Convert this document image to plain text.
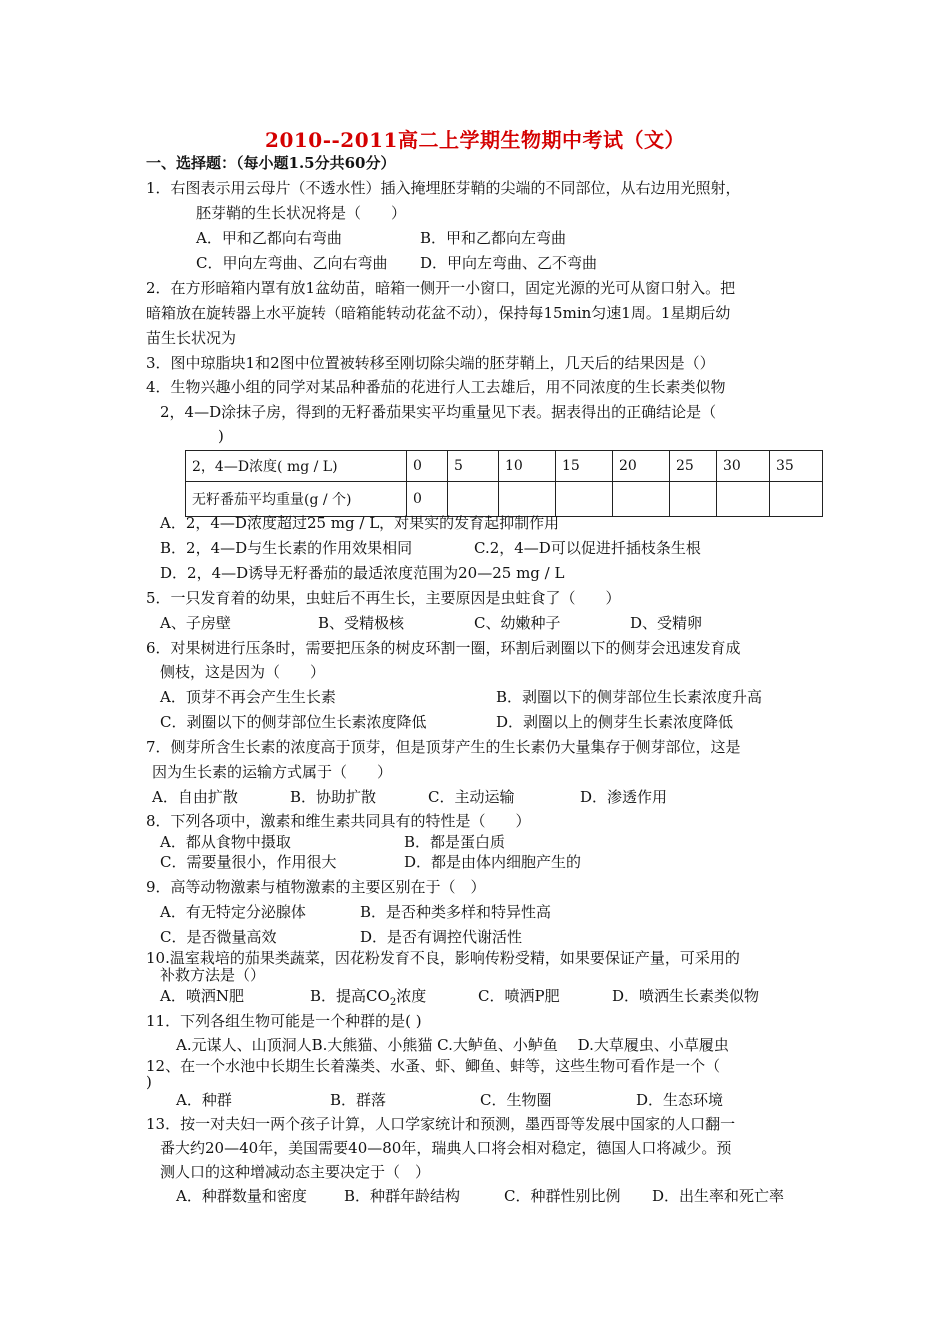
2010--2011高二上学期生物期中考试（文）
一、选择题：（每小题1.5分共60分）
1．右图表示用云母片（不透水性）插入掩埋胚芽鞘的尖端的不同部位，从右边用光照射，
胚芽鞘的生长状况将是（　　）
A．甲和乙都向右弯曲	B．甲和乙都向左弯曲
C．甲向左弯曲、乙向右弯曲 D．甲向左弯曲、乙不弯曲
2．在方形暗箱内罩有放1盆幼苗，暗箱一侧开一小窗口，固定光源的光可从窗口射入。把
暗箱放在旋转器上水平旋转（暗箱能转动花盆不动），保持每15min匀速1周。1星期后幼
苗生长状况为
3．图中琼脂块1和2图中位置被转移至刚切除尖端的胚芽鞘上，几天后的结果因是（）
4．生物兴趣小组的同学对某品种番茄的花进行人工去雄后，用不同浓度的生长素类似物
2，4—D涂抹子房，得到的无籽番茄果实平均重量见下表。据表得出的正确结论是（
)
2，4—D浓度( mg / L)	0	5	10	15	20	25	30	35
无籽番茄平均重量(g / 个)	0							
A．2，4—D浓度超过25 mg / L，对果实的发育起抑制作用
B．2，4—D与生长素的作用效果相同	C.2，4—D可以促进扦插枝条生根
D．2，4—D诱导无籽番茄的最适浓度范围为20—25 mg / L
5．一只发育着的幼果，虫蛀后不再生长，主要原因是虫蛀食了（　　）
A、子房壁	B、受精极核	C、幼嫩种子	D、受精卵
6．对果树进行压条时，需要把压条的树皮环割一圈，环割后剥圈以下的侧芽会迅速发育成
侧枝，这是因为（　　）
A．顶芽不再会产生生长素	B．剥圈以下的侧芽部位生长素浓度升高
C．剥圈以下的侧芽部位生长素浓度降低	D．剥圈以上的侧芽生长素浓度降低
7．侧芽所含生长素的浓度高于顶芽，但是顶芽产生的生长素仍大量集存于侧芽部位，这是
因为生长素的运输方式属于（　　）
A．自由扩散	B．协助扩散	C．主动运输	D．渗透作用
8．下列各项中，激素和维生素共同具有的特性是（　　）
A．都从食物中摄取	B．都是蛋白质
C．需要量很小，作用很大	D．都是由体内细胞产生的
9．高等动物激素与植物激素的主要区别在于（　）
A．有无特定分泌腺体	B．是否种类多样和特异性高
C．是否微量高效	D．是否有调控代谢活性
10.温室栽培的茄果类蔬菜，因花粉发育不良，影响传粉受精，如果要保证产量，可采用的
补救方法是（）
A．喷洒N肥	B．提高$CO_2$浓度	C．喷洒P肥	D．喷洒生长素类似物
11．下列各组生物可能是一个种群的是( )
A.元谋人、山顶洞人B.大熊猫、小熊猫 C.大鲈鱼、小鲈鱼　 D.大草履虫、小草履虫
12、在一个水池中长期生长着藻类、水蚤、虾、鲫鱼、蚌等，这些生物可看作是一个（
)
A．种群	B．群落	C．生物圈	D．生态环境
13．按一对夫妇一两个孩子计算，人口学家统计和预测，墨西哥等发展中国家的人口翻一
番大约20—40年，美国需要40—80年，瑞典人口将会相对稳定，德国人口将减少。预
测人口的这种增减动态主要决定于（　）
A．种群数量和密度 B．种群年龄结构	C．种群性别比例 D．出生率和死亡率
